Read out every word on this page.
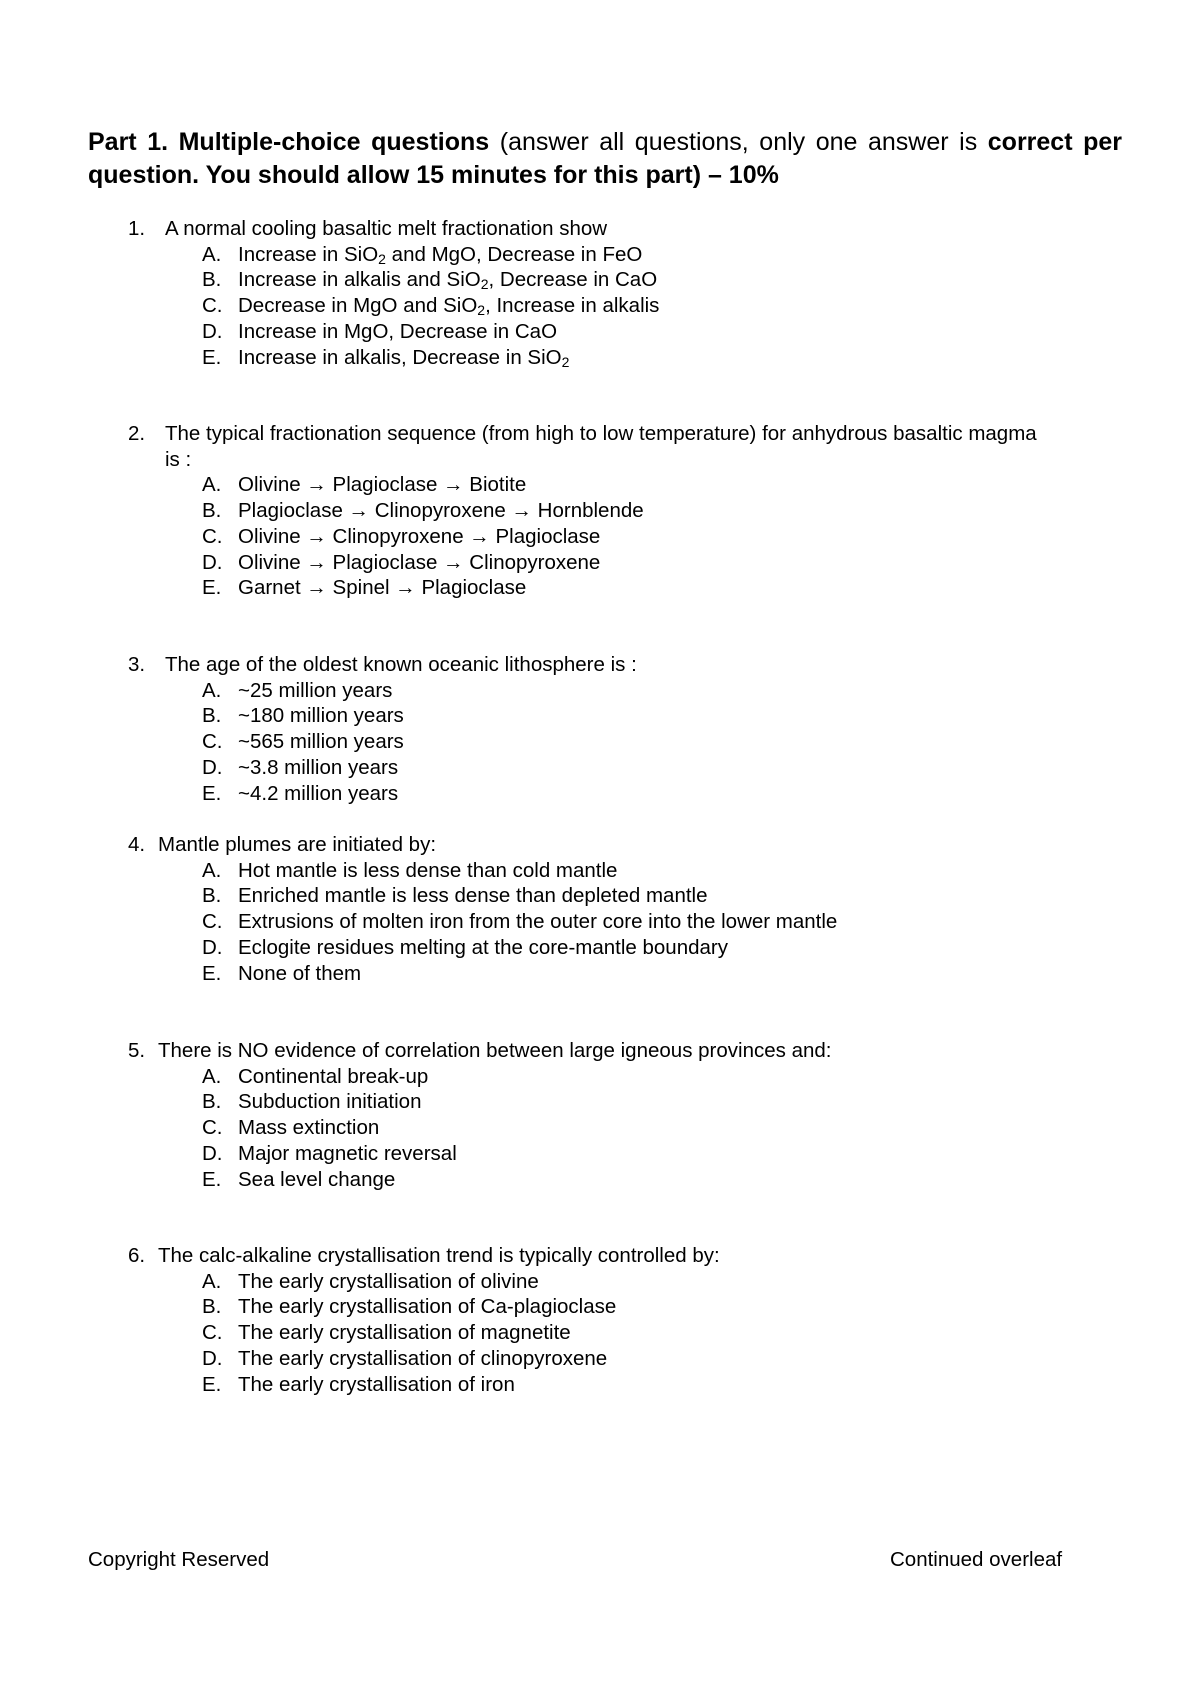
Part 1. Multiple-choice questions (answer all questions, only one answer is correct per question. You should allow 15 minutes for this part) – 10%
1. A normal cooling basaltic melt fractionation show
A. Increase in SiO$_2$ and MgO, Decrease in FeO
B. Increase in alkalis and SiO$_2$, Decrease in CaO
C. Decrease in MgO and SiO$_2$, Increase in alkalis
D. Increase in MgO, Decrease in CaO
E. Increase in alkalis, Decrease in SiO$_2$
2. The typical fractionation sequence (from high to low temperature) for anhydrous basaltic magma
is :
A. Olivine → Plagioclase → Biotite
B. Plagioclase → Clinopyroxene → Hornblende
C. Olivine → Clinopyroxene → Plagioclase
D. Olivine → Plagioclase → Clinopyroxene
E. Garnet → Spinel → Plagioclase
3. The age of the oldest known oceanic lithosphere is :
A. ~25 million years
B. ~180 million years
C. ~565 million years
D. ~3.8 million years
E. ~4.2 million years
4. Mantle plumes are initiated by:
A. Hot mantle is less dense than cold mantle
B. Enriched mantle is less dense than depleted mantle
C. Extrusions of molten iron from the outer core into the lower mantle
D. Eclogite residues melting at the core-mantle boundary
E. None of them
5. There is NO evidence of correlation between large igneous provinces and:
A. Continental break-up
B. Subduction initiation
C. Mass extinction
D. Major magnetic reversal
E. Sea level change
6. The calc-alkaline crystallisation trend is typically controlled by:
A. The early crystallisation of olivine
B. The early crystallisation of Ca-plagioclase
C. The early crystallisation of magnetite
D. The early crystallisation of clinopyroxene
E. The early crystallisation of iron
Copyright Reserved	Continued overleaf
